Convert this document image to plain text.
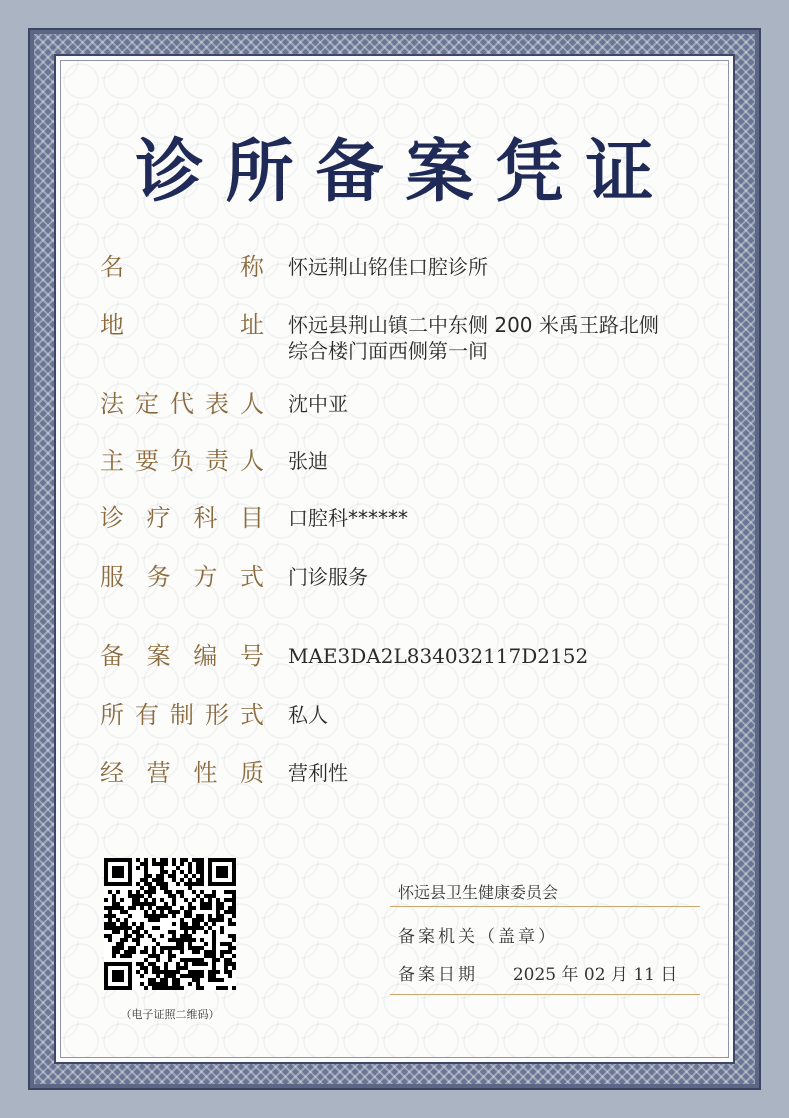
诊所备案凭证
名	称 怀远荆山铭佳口腔诊所
地	址 怀远县荆山镇二中东侧 200 米禹王路北侧
综合楼门面西侧第一间
法 定 代 表 人 沈中亚
主 要 负 责 人 张迪
诊 疗 科 目 口腔科******
服 务 方 式 门诊服务
备 案 编 号 MAE3DA2L834032117D2152
所 有 制 形 式 私人
经 营 性 质 营利性
（电子证照二维码）
怀远县卫生健康委员会
备案机关（盖章）
备案日期 2025 年 02 月 11 日
